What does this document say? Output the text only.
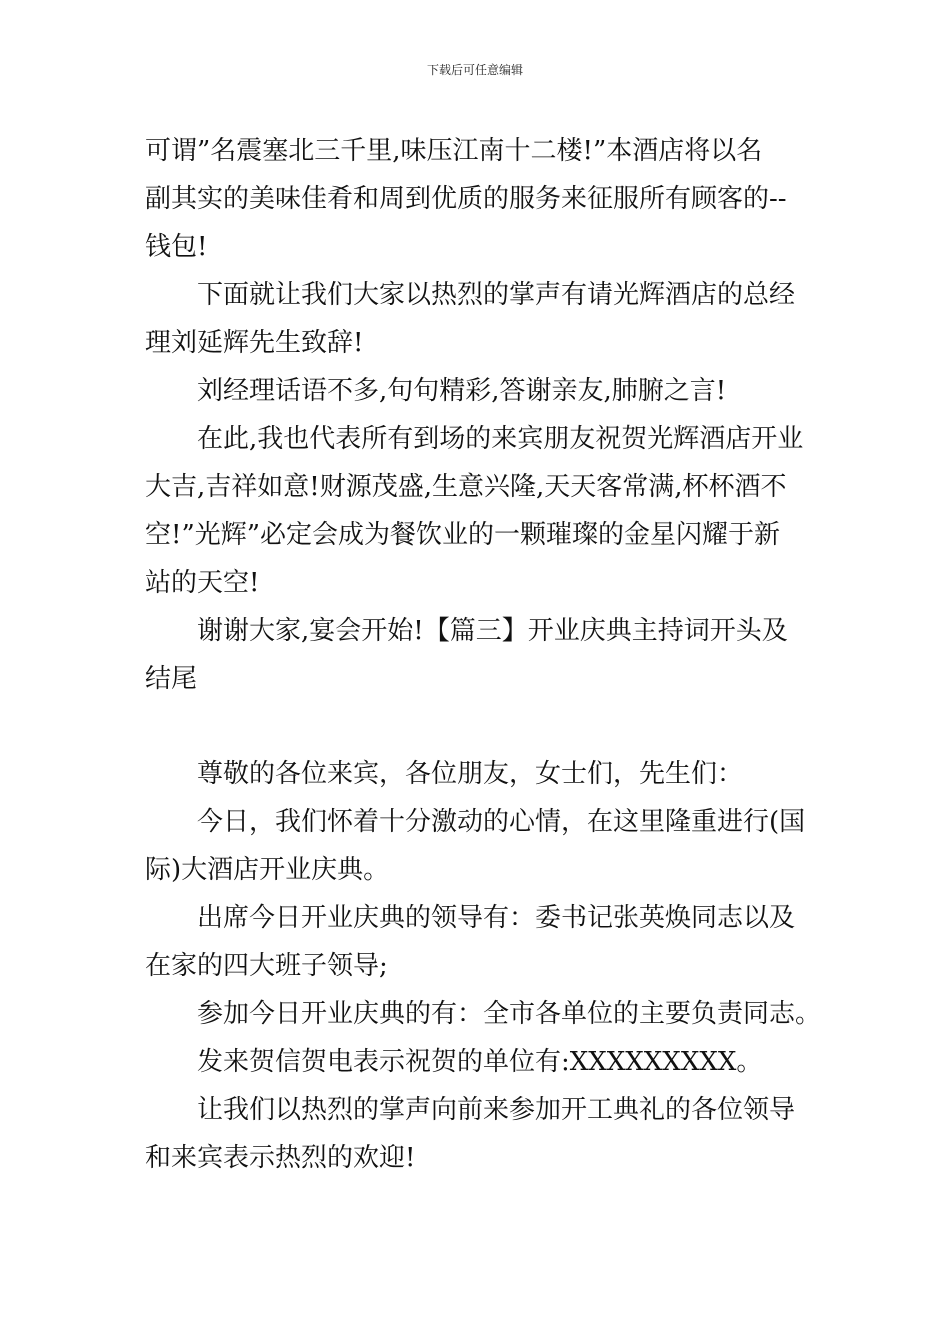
下载后可任意编辑
可谓”名震塞北三千里,味压江南十二楼!”本酒店将以名
副其实的美味佳肴和周到优质的服务来征服所有顾客的--
钱包!
下面就让我们大家以热烈的掌声有请光辉酒店的总经
理刘延辉先生致辞!
刘经理话语不多,句句精彩,答谢亲友,肺腑之言!
在此,我也代表所有到场的来宾朋友祝贺光辉酒店开业
大吉,吉祥如意!财源茂盛,生意兴隆,天天客常满,杯杯酒不
空!”光辉”必定会成为餐饮业的一颗璀璨的金星闪耀于新
站的天空!
谢谢大家,宴会开始!【篇三】开业庆典主持词开头及
结尾
尊敬的各位来宾，各位朋友，女士们，先生们：
今日，我们怀着十分激动的心情，在这里隆重进行(国
际)大酒店开业庆典。
出席今日开业庆典的领导有：委书记张英焕同志以及
在家的四大班子领导;
参加今日开业庆典的有：全市各单位的主要负责同志。
发来贺信贺电表示祝贺的单位有:XXXXXXXXX。
让我们以热烈的掌声向前来参加开工典礼的各位领导
和来宾表示热烈的欢迎!
